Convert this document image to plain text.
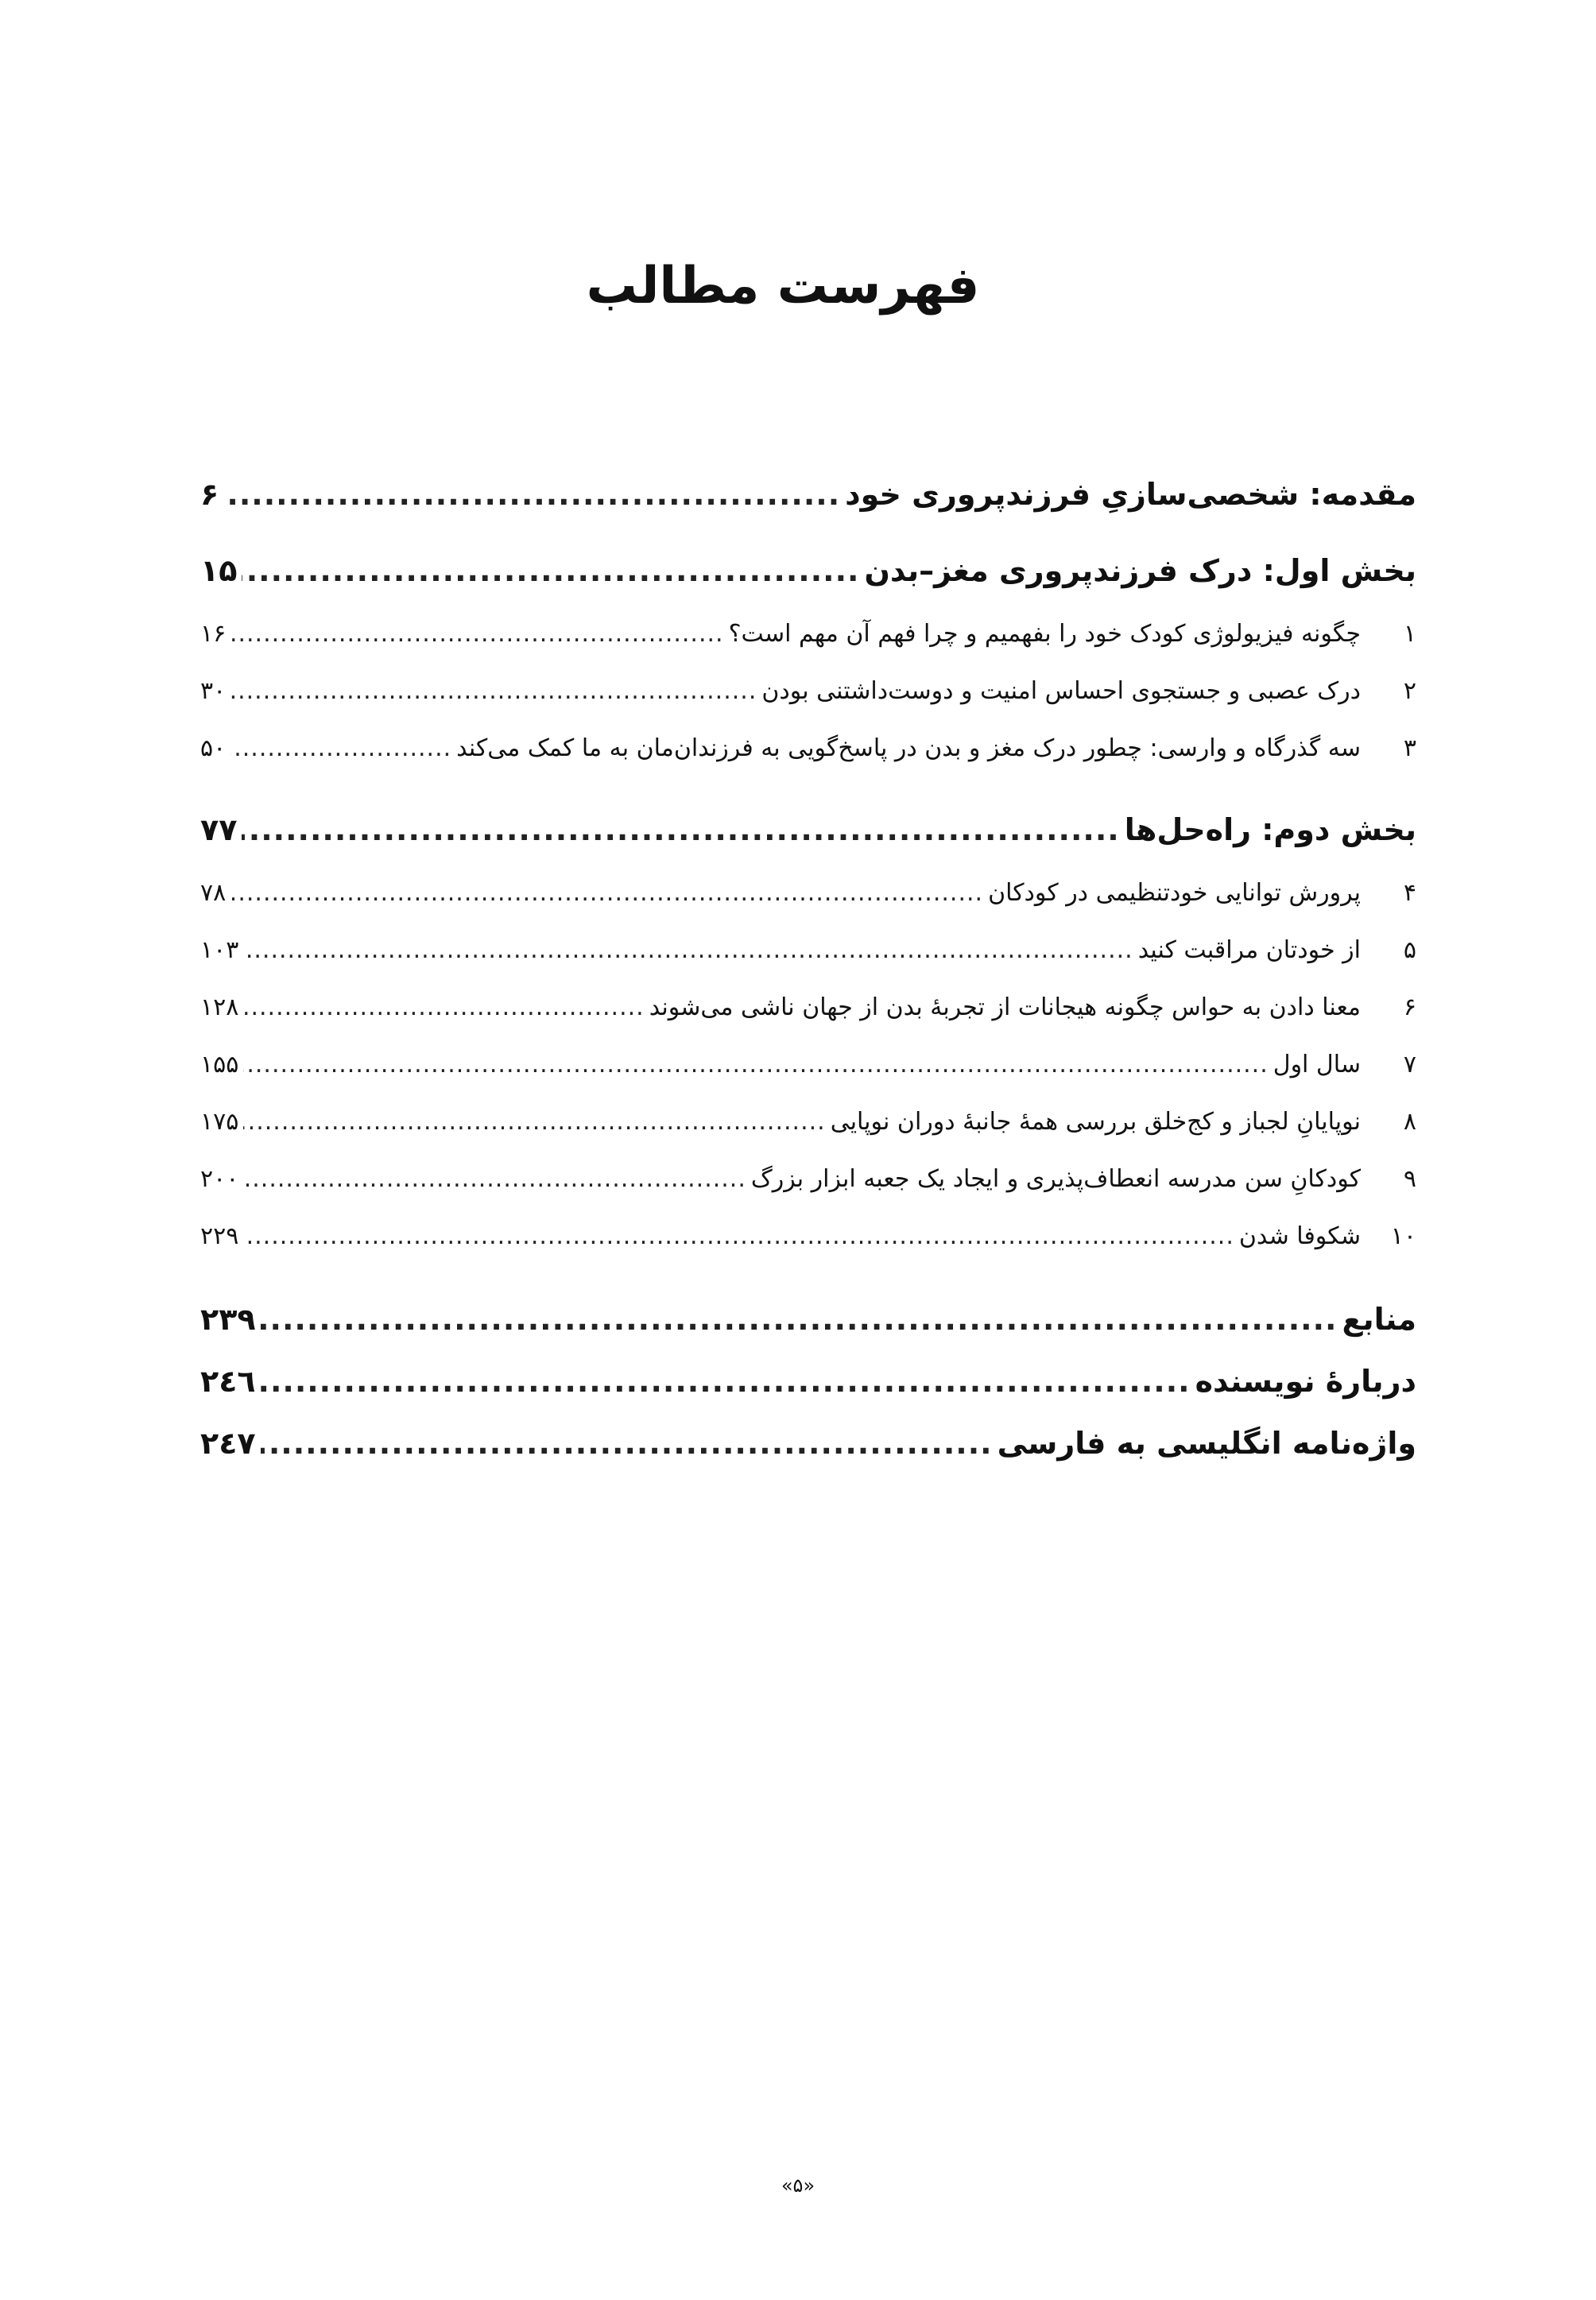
فهرست مطالب
مقدمه: شخصی‌سازیِ فرزندپروری خود
.....
۶
بخش اول: درک فرزندپروری مغز–بدن
.....
۱۵
۱
چگونه فیزیولوژی کودک خود را بفهمیم و چرا فهم آن مهم است؟
.....
۱۶
۲
درک عصبی و جستجوی احساس امنیت و دوست‌داشتنی بودن
.....
۳۰
۳
سه گذرگاه و وارسی: چطور درک مغز و بدن در پاسخ‌گویی به فرزندان‌مان به ما کمک می‌کند
.....
۵۰
بخش دوم: راه‌حل‌ها
.....
۷۷
۴
پرورش توانایی خودتنظیمی در کودکان
.....
۷۸
۵
از خودتان مراقبت کنید
.....
۱۰۳
۶
معنا دادن به حواس چگونه هیجانات از تجربهٔ بدن از جهان ناشی می‌شوند
.....
۱۲۸
۷
سال اول
.....
۱۵۵
۸
نوپایانِ لجباز و کج‌خلق بررسی همهٔ جانبهٔ دوران نوپایی
.....
۱۷۵
۹
کودکانِ سن مدرسه انعطاف‌پذیری و ایجاد یک جعبه ابزار بزرگ
.....
۲۰۰
۱۰
شکوفا شدن
.....
۲۲۹
منابع
.....
۲۳۹
دربارهٔ نویسنده
.....
۲٤٦
واژه‌نامه انگلیسی به فارسی
.....
۲٤۷
«۵»
